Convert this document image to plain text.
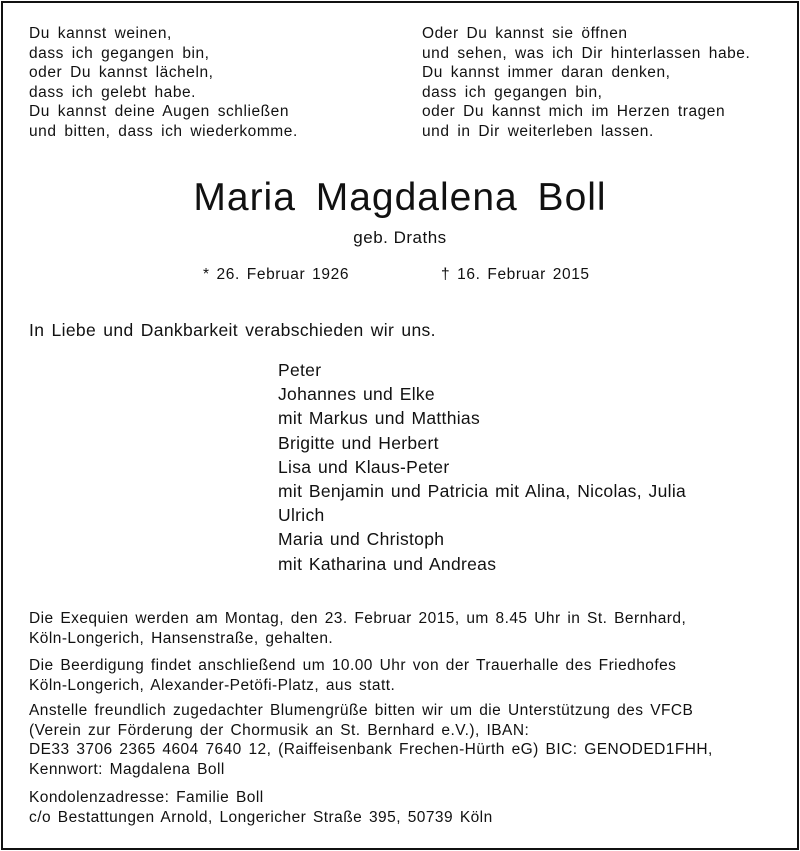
Du kannst weinen,
dass ich gegangen bin,
oder Du kannst lächeln,
dass ich gelebt habe.
Du kannst deine Augen schließen
und bitten, dass ich wiederkomme.
Oder Du kannst sie öffnen
und sehen, was ich Dir hinterlassen habe.
Du kannst immer daran denken,
dass ich gegangen bin,
oder Du kannst mich im Herzen tragen
und in Dir weiterleben lassen.
Maria Magdalena Boll
geb. Draths
* 26. Februar 1926	† 16. Februar 2015
In Liebe und Dankbarkeit verabschieden wir uns.
Peter
Johannes und Elke
mit Markus und Matthias
Brigitte und Herbert
Lisa und Klaus-Peter
mit Benjamin und Patricia mit Alina, Nicolas, Julia
Ulrich
Maria und Christoph
mit Katharina und Andreas
Die Exequien werden am Montag, den 23. Februar 2015, um 8.45 Uhr in St. Bernhard,
Köln-Longerich, Hansenstraße, gehalten.
Die Beerdigung findet anschließend um 10.00 Uhr von der Trauerhalle des Friedhofes
Köln-Longerich, Alexander-Petöfi-Platz, aus statt.
Anstelle freundlich zugedachter Blumengrüße bitten wir um die Unterstützung des VFCB
(Verein zur Förderung der Chormusik an St. Bernhard e.V.), IBAN:
DE33 3706 2365 4604 7640 12, (Raiffeisenbank Frechen-Hürth eG) BIC: GENODED1FHH,
Kennwort: Magdalena Boll
Kondolenzadresse: Familie Boll
c/o Bestattungen Arnold, Longericher Straße 395, 50739 Köln
